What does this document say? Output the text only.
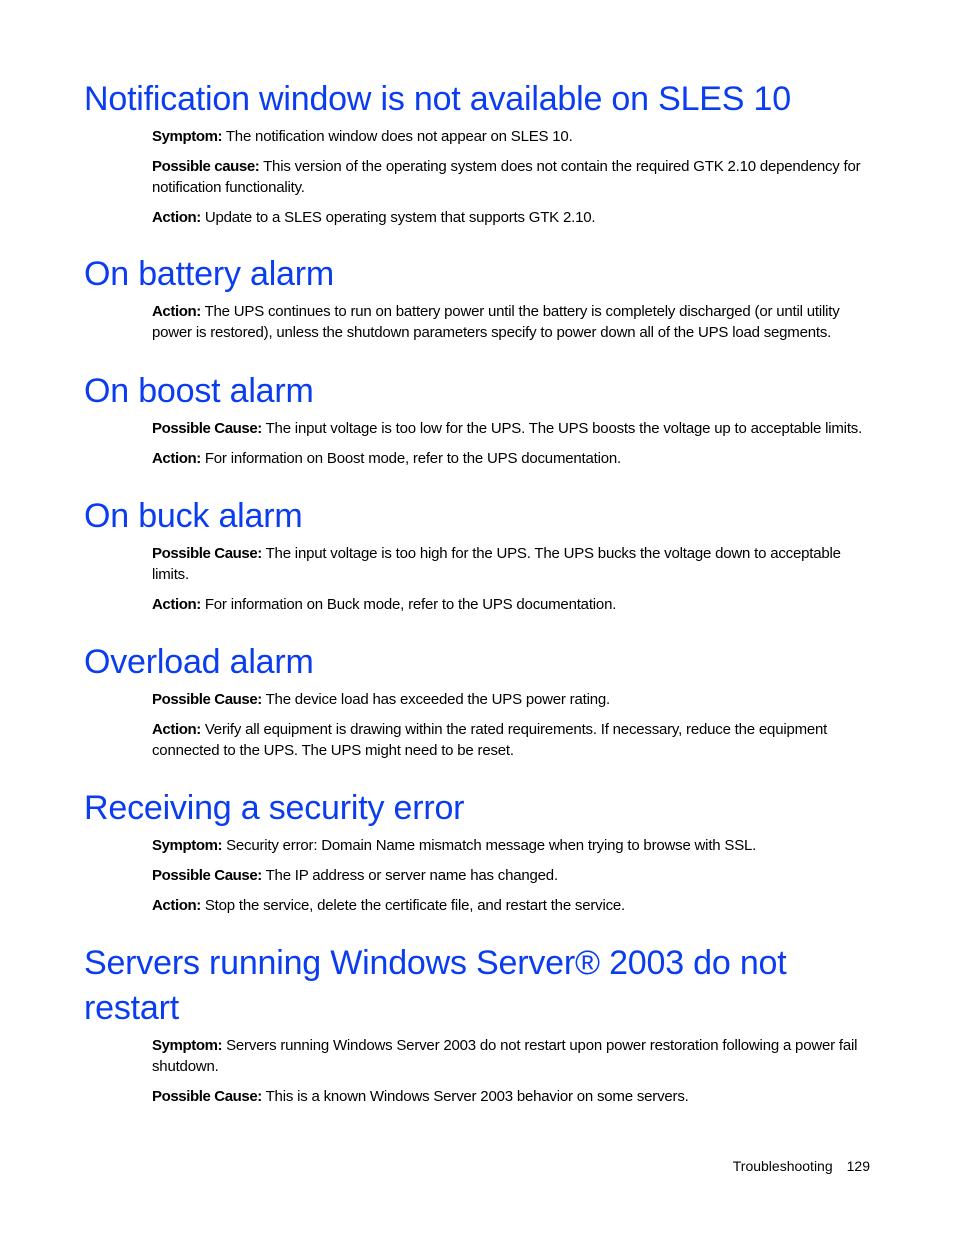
Notification window is not available on SLES 10

Symptom: The notification window does not appear on SLES 10.

Possible cause: This version of the operating system does not contain the required GTK 2.10 dependency for notification functionality.

Action: Update to a SLES operating system that supports GTK 2.10.

On battery alarm

Action: The UPS continues to run on battery power until the battery is completely discharged (or until utility power is restored), unless the shutdown parameters specify to power down all of the UPS load segments.

On boost alarm

Possible Cause: The input voltage is too low for the UPS. The UPS boosts the voltage up to acceptable limits.

Action: For information on Boost mode, refer to the UPS documentation.

On buck alarm

Possible Cause: The input voltage is too high for the UPS. The UPS bucks the voltage down to acceptable limits.

Action: For information on Buck mode, refer to the UPS documentation.

Overload alarm

Possible Cause: The device load has exceeded the UPS power rating.

Action: Verify all equipment is drawing within the rated requirements. If necessary, reduce the equipment connected to the UPS. The UPS might need to be reset.

Receiving a security error

Symptom: Security error: Domain Name mismatch message when trying to browse with SSL.

Possible Cause: The IP address or server name has changed.

Action: Stop the service, delete the certificate file, and restart the service.

Servers running Windows Server® 2003 do not restart

Symptom: Servers running Windows Server 2003 do not restart upon power restoration following a power fail shutdown.

Possible Cause: This is a known Windows Server 2003 behavior on some servers.

Troubleshooting 129
